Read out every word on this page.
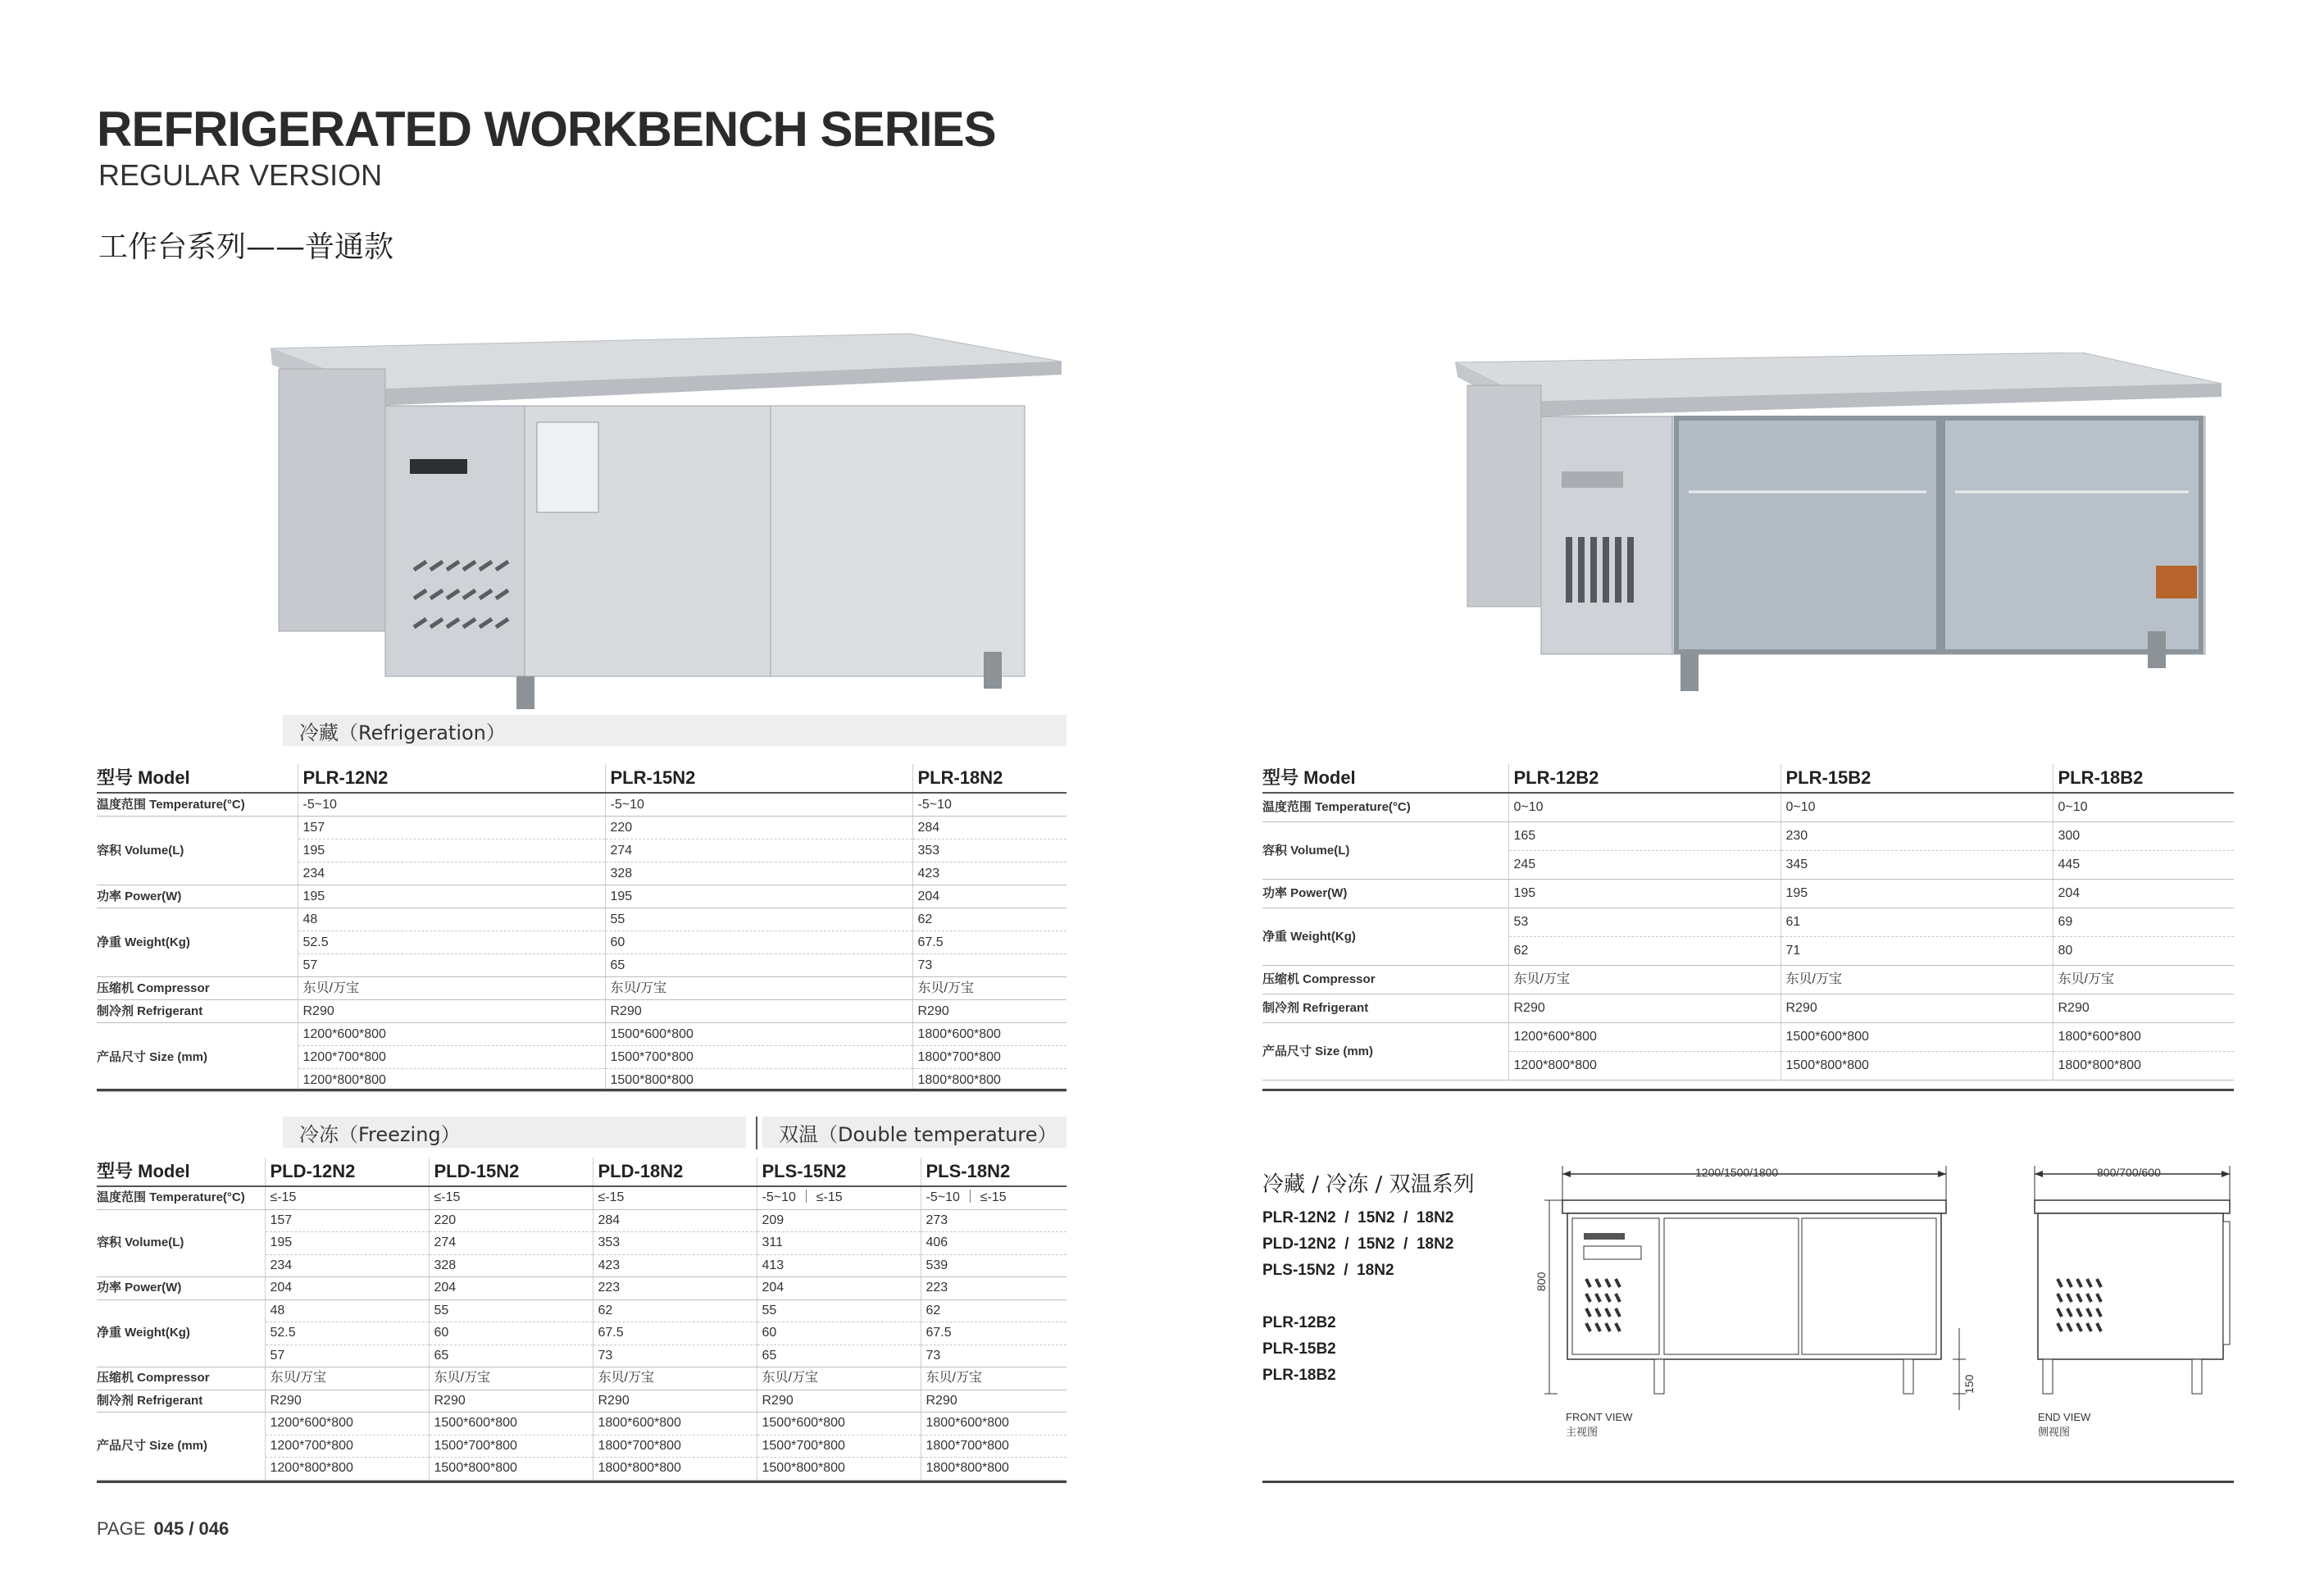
REFRIGERATED WORKBENCH SERIES
REGULAR VERSION
工作台系列——普通款
冷藏（Refrigeration）
型号 Model	PLR-12N2	PLR-15N2	PLR-18N2
温度范围 Temperature(°C)	-5~10	-5~10	-5~10
容积 Volume(L)	157	220	284
	195	274	353
	234	328	423
功率 Power(W)	195	195	204
净重 Weight(Kg)	48	55	62
	52.5	60	67.5
	57	65	73
压缩机 Compressor	东贝/万宝	东贝/万宝	东贝/万宝
制冷剂 Refrigerant	R290	R290	R290
产品尺寸 Size (mm)	1200*600*800	1500*600*800	1800*600*800
	1200*700*800	1500*700*800	1800*700*800
	1200*800*800	1500*800*800	1800*800*800
型号 Model	PLR-12B2	PLR-15B2	PLR-18B2
温度范围 Temperature(°C)	0~10	0~10	0~10
容积 Volume(L)	165	230	300
	245	345	445
功率 Power(W)	195	195	204
净重 Weight(Kg)	53	61	69
	62	71	80
压缩机 Compressor	东贝/万宝	东贝/万宝	东贝/万宝
制冷剂 Refrigerant	R290	R290	R290
产品尺寸 Size (mm)	1200*600*800	1500*600*800	1800*600*800
	1200*800*800	1500*800*800	1800*800*800
冷冻（Freezing）	双温（Double temperature）
型号 Model	PLD-12N2	PLD-15N2	PLD-18N2	PLS-15N2	PLS-18N2
温度范围 Temperature(°C)	≤-15	≤-15	≤-15	-5~10 ｜ ≤-15	-5~10 ｜ ≤-15
容积 Volume(L)	157	220	284	209	273
	195	274	353	311	406
	234	328	423	413	539
功率 Power(W)	204	204	223	204	223
净重 Weight(Kg)	48	55	62	55	62
	52.5	60	67.5	60	67.5
	57	65	73	65	73
压缩机 Compressor	东贝/万宝	东贝/万宝	东贝/万宝	东贝/万宝	东贝/万宝
制冷剂 Refrigerant	R290	R290	R290	R290	R290
产品尺寸 Size (mm)	1200*600*800	1500*600*800	1800*600*800	1500*600*800	1800*600*800
	1200*700*800	1500*700*800	1800*700*800	1500*700*800	1800*700*800
	1200*800*800	1500*800*800	1800*800*800	1500*800*800	1800*800*800
冷藏 / 冷冻 / 双温系列
PLR-12N2  /  15N2  /  18N2
PLD-12N2  /  15N2  /  18N2
PLS-15N2  /  18N2
PLR-12B2
PLR-15B2
PLR-18B2
1200/1500/1800
800
150
FRONT VIEW
主视图
800/700/600
END VIEW
侧视图
PAGE 045 / 046
